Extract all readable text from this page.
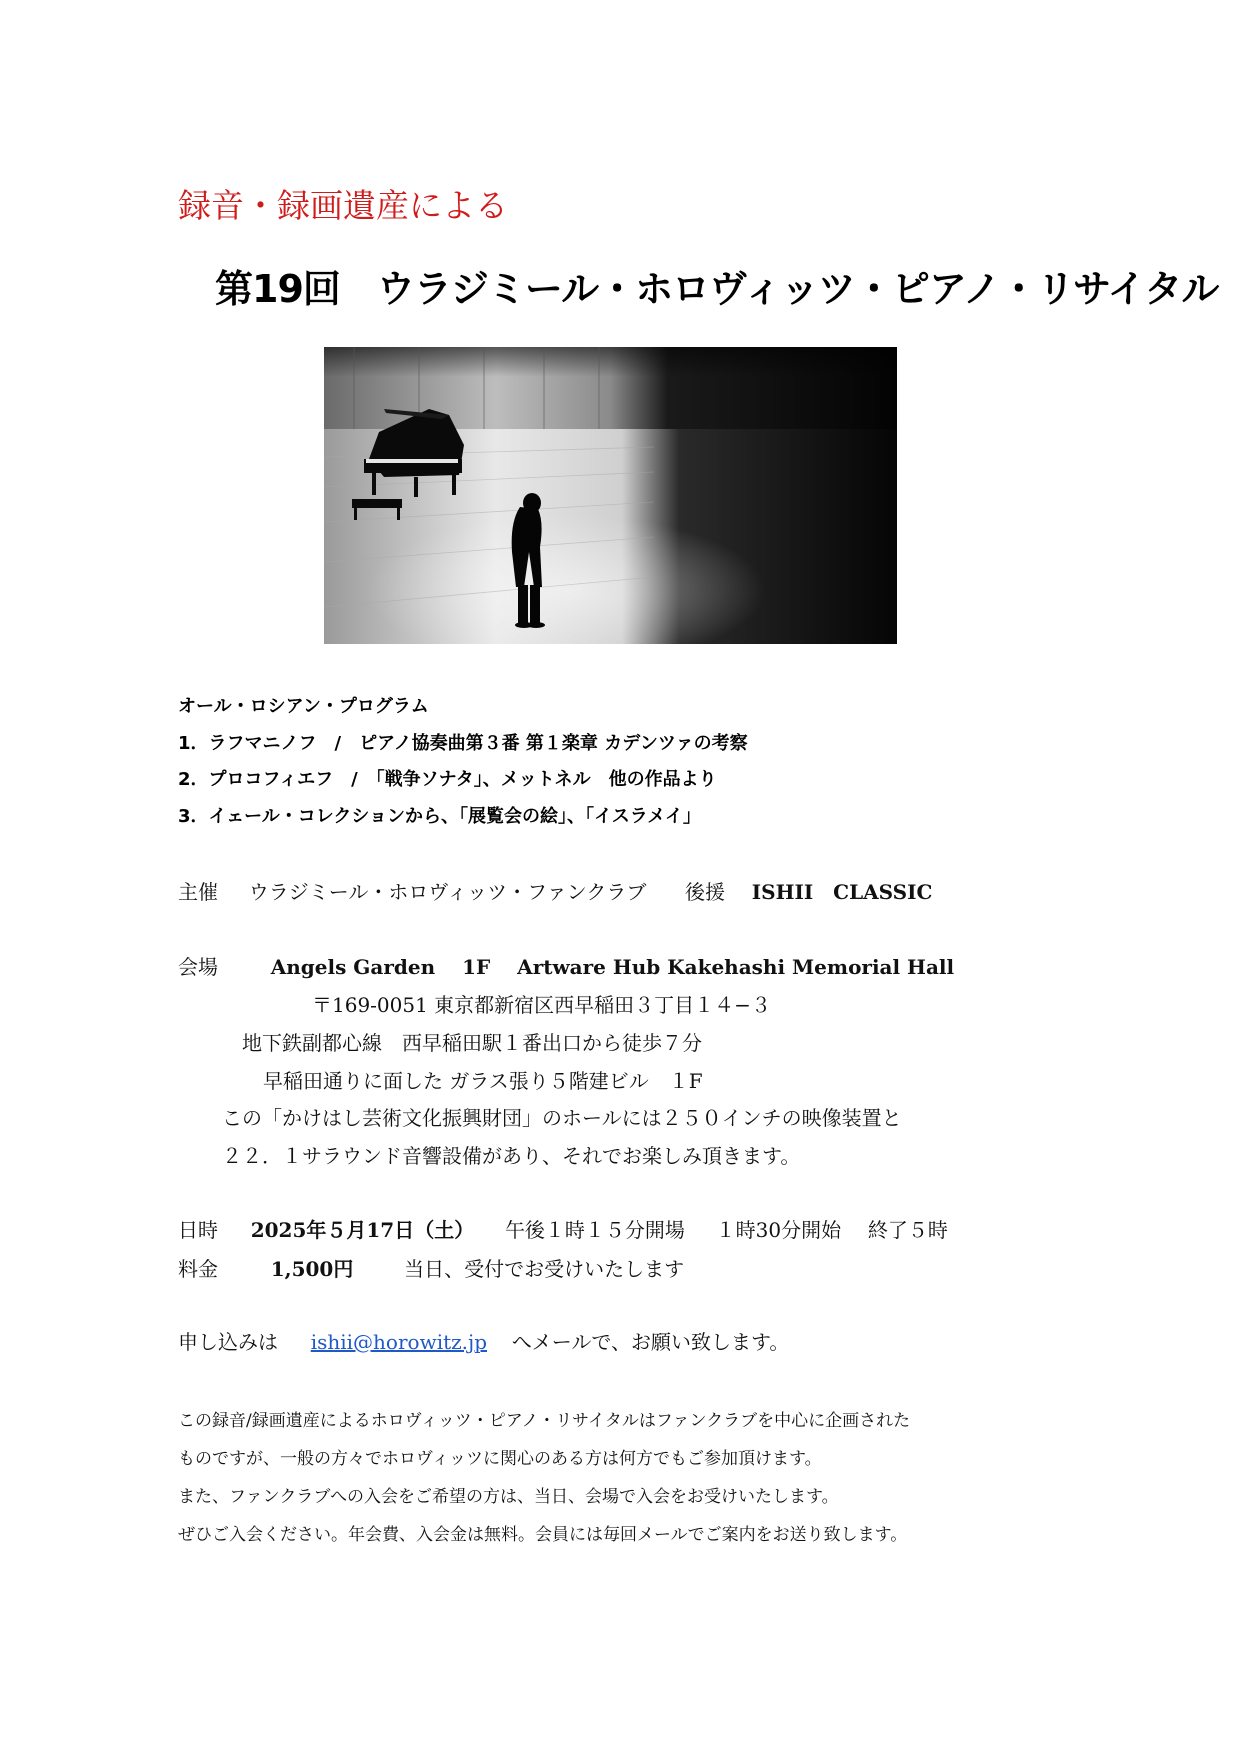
録音・録画遺産による
第19回　ウラジミール・ホロヴィッツ・ピアノ・リサイタル
オール・ロシアン・プログラム
1．ラフマニノフ　/　ピアノ協奏曲第３番 第１楽章 カデンツァの考察
2．プロコフィエフ　/　「戦争ソナタ」、メットネル　他の作品より
3．イェール・コレクションから、「展覧会の絵」、「イスラメイ」
主催 ウラジミール・ホロヴィッツ・ファンクラブ 後援 ISHII　CLASSIC
会場	Angels Garden　 1F　 Artware Hub Kakehashi Memorial Hall
〒169-0051 東京都新宿区西早稲田３丁目１４−３
地下鉄副都心線　西早稲田駅１番出口から徒歩７分
早稲田通りに面した ガラス張り５階建ビル　１F
この「かけはし芸術文化振興財団」のホールには２５０インチの映像装置と
２２．１サラウンド音響設備があり、それでお楽しみ頂きます。
日時 2025年５月17日（土） 午後１時１５分開場 １時30分開始 終了５時
料金	1,500円	当日、受付でお受けいたします
申し込みは ishii@horowitz.jp へメールで、お願い致します。
この録音/録画遺産によるホロヴィッツ・ピアノ・リサイタルはファンクラブを中心に企画された
ものですが、一般の方々でホロヴィッツに関心のある方は何方でもご参加頂けます。
また、ファンクラブへの入会をご希望の方は、当日、会場で入会をお受けいたします。
ぜひご入会ください。年会費、入会金は無料。会員には毎回メールでご案内をお送り致します。
